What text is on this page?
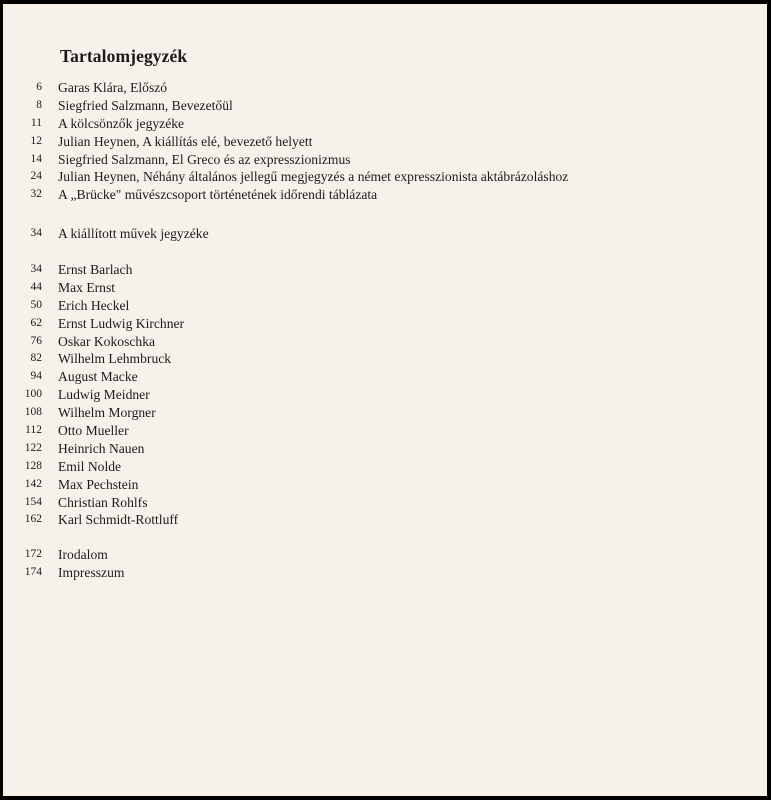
Tartalomjegyzék
6 Garas Klára, Előszó
8 Siegfried Salzmann, Bevezetőül
11 A kölcsönzők jegyzéke
12 Julian Heynen, A kiállítás elé, bevezető helyett
14 Siegfried Salzmann, El Greco és az expresszionizmus
24 Julian Heynen, Néhány általános jellegű megjegyzés a német expresszionista aktábrázoláshoz
32 A „Brücke" művészcsoport történetének időrendi táblázata
34 A kiállított művek jegyzéke
34 Ernst Barlach
44 Max Ernst
50 Erich Heckel
62 Ernst Ludwig Kirchner
76 Oskar Kokoschka
82 Wilhelm Lehmbruck
94 August Macke
100 Ludwig Meidner
108 Wilhelm Morgner
112 Otto Mueller
122 Heinrich Nauen
128 Emil Nolde
142 Max Pechstein
154 Christian Rohlfs
162 Karl Schmidt-Rottluff
172 Irodalom
174 Impresszum
